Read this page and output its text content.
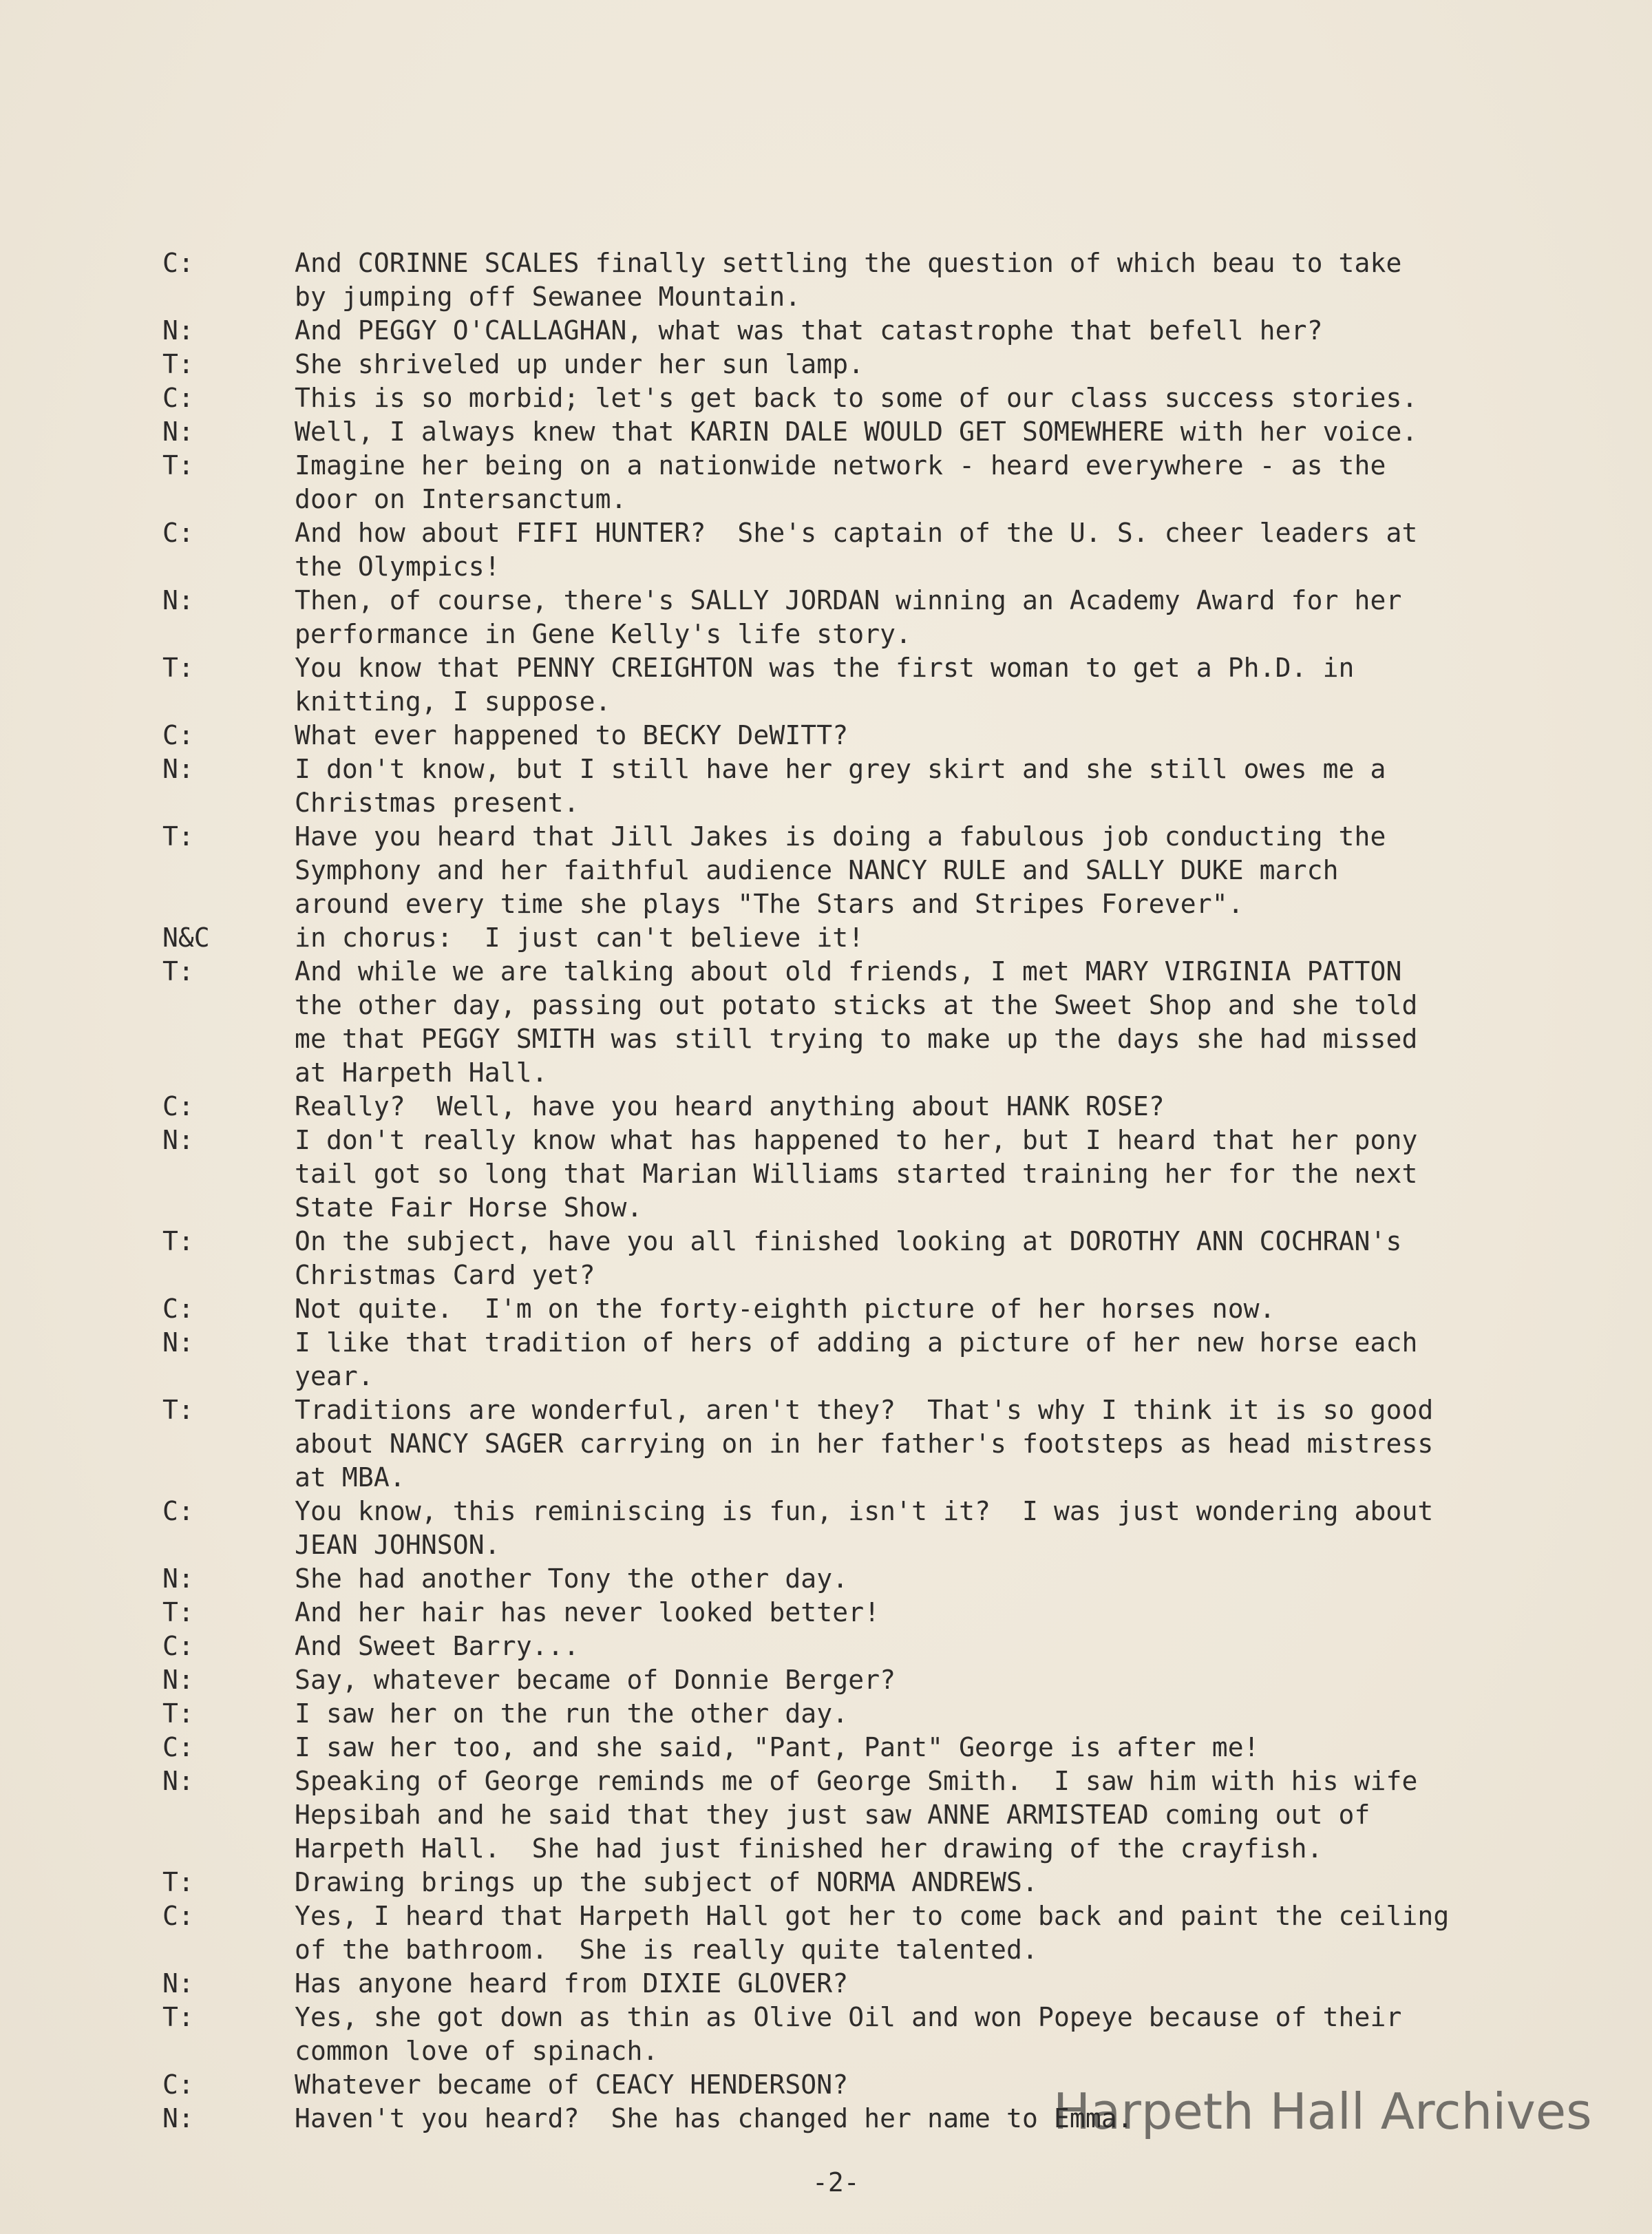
C:	And CORINNE SCALES finally settling the question of which beau to take
by jumping off Sewanee Mountain.
N:	And PEGGY O'CALLAGHAN, what was that catastrophe that befell her?
T:	She shriveled up under her sun lamp.
C:	This is so morbid; let's get back to some of our class success stories.
N:	Well, I always knew that KARIN DALE WOULD GET SOMEWHERE with her voice.
T:	Imagine her being on a nationwide network - heard everywhere - as the
door on Intersanctum.
C:	And how about FIFI HUNTER?  She's captain of the U. S. cheer leaders at
the Olympics!
N:	Then, of course, there's SALLY JORDAN winning an Academy Award for her
performance in Gene Kelly's life story.
T:	You know that PENNY CREIGHTON was the first woman to get a Ph.D. in
knitting, I suppose.
C:	What ever happened to BECKY DeWITT?
N:	I don't know, but I still have her grey skirt and she still owes me a
Christmas present.
T:	Have you heard that Jill Jakes is doing a fabulous job conducting the
Symphony and her faithful audience NANCY RULE and SALLY DUKE march
around every time she plays "The Stars and Stripes Forever".
N&C	in chorus:  I just can't believe it!
T:	And while we are talking about old friends, I met MARY VIRGINIA PATTON
the other day, passing out potato sticks at the Sweet Shop and she told
me that PEGGY SMITH was still trying to make up the days she had missed
at Harpeth Hall.
C:	Really?  Well, have you heard anything about HANK ROSE?
N:	I don't really know what has happened to her, but I heard that her pony
tail got so long that Marian Williams started training her for the next
State Fair Horse Show.
T:	On the subject, have you all finished looking at DOROTHY ANN COCHRAN's
Christmas Card yet?
C:	Not quite.  I'm on the forty-eighth picture of her horses now.
N:	I like that tradition of hers of adding a picture of her new horse each
year.
T:	Traditions are wonderful, aren't they?  That's why I think it is so good
about NANCY SAGER carrying on in her father's footsteps as head mistress
at MBA.
C:	You know, this reminiscing is fun, isn't it?  I was just wondering about
JEAN JOHNSON.
N:	She had another Tony the other day.
T:	And her hair has never looked better!
C:	And Sweet Barry...
N:	Say, whatever became of Donnie Berger?
T:	I saw her on the run the other day.
C:	I saw her too, and she said, "Pant, Pant" George is after me!
N:	Speaking of George reminds me of George Smith.  I saw him with his wife
Hepsibah and he said that they just saw ANNE ARMISTEAD coming out of
Harpeth Hall.  She had just finished her drawing of the crayfish.
T:	Drawing brings up the subject of NORMA ANDREWS.
C:	Yes, I heard that Harpeth Hall got her to come back and paint the ceiling
of the bathroom.  She is really quite talented.
N:	Has anyone heard from DIXIE GLOVER?
T:	Yes, she got down as thin as Olive Oil and won Popeye because of their
common love of spinach.
C:	Whatever became of CEACY HENDERSON?
N:	Haven't you heard?  She has changed her name to Emma.
-2-
Harpeth Hall Archives
